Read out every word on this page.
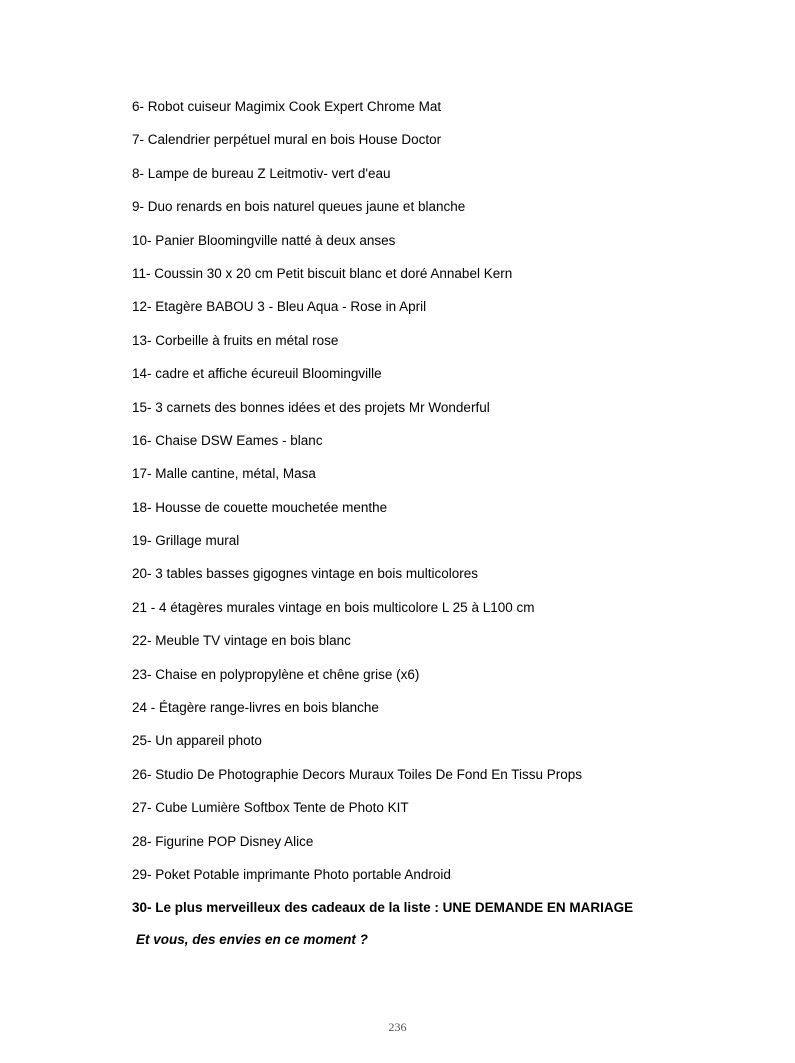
6- Robot cuiseur Magimix Cook Expert Chrome Mat
7- Calendrier perpétuel mural en bois House Doctor
8- Lampe de bureau Z Leitmotiv- vert d'eau
9- Duo renards en bois naturel queues jaune et blanche
10- Panier Bloomingville natté à deux anses
11- Coussin 30 x 20 cm Petit biscuit blanc et doré Annabel Kern
12- Etagère BABOU 3 - Bleu Aqua - Rose in April
13- Corbeille à fruits en métal rose
14- cadre et affiche écureuil Bloomingville
15- 3 carnets des bonnes idées et des projets Mr Wonderful
16- Chaise DSW Eames - blanc
17- Malle cantine, métal, Masa
18- Housse de couette mouchetée menthe
19- Grillage mural
20- 3 tables basses gigognes vintage en bois multicolores
21 - 4 étagères murales vintage en bois multicolore L 25 à L100 cm
22- Meuble TV vintage en bois blanc
23- Chaise en polypropylène et chêne grise (x6)
24 - Étagère range-livres en bois blanche
25- Un appareil photo
26- Studio De Photographie Decors Muraux Toiles De Fond En Tissu Props
27- Cube Lumière Softbox Tente de Photo KIT
28- Figurine POP Disney Alice
29- Poket Potable imprimante Photo portable Android
30- Le plus merveilleux des cadeaux de la liste : UNE DEMANDE EN MARIAGE
Et vous, des envies en ce moment ?
236
